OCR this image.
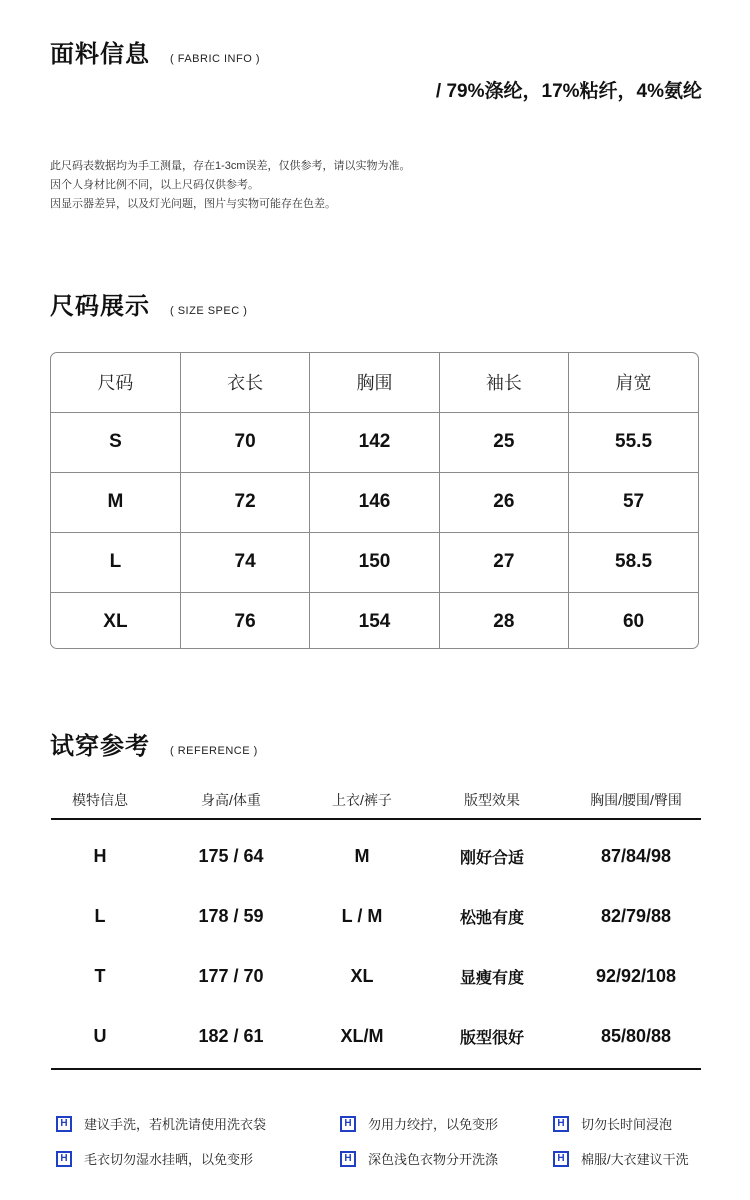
面料信息 ( FABRIC INFO )
/ 79%涤纶，17%粘纤，4%氨纶
此尺码表数据均为手工测量，存在1-3cm误差，仅供参考，请以实物为准。
因个人身材比例不同，以上尺码仅供参考。
因显示器差异，以及灯光问题，图片与实物可能存在色差。
尺码展示 ( SIZE SPEC )
尺码	衣长	胸围	袖长	肩宽
S	70	142	25	55.5
M	72	146	26	57
L	74	150	27	58.5
XL	76	154	28	60
试穿参考 ( REFERENCE )
模特信息	身高/体重	上衣/裤子	版型效果	胸围/腰围/臀围
H	175 / 64	M	刚好合适	87/84/98
L	178 / 59	L / M	松弛有度	82/79/88
T	177 / 70	XL	显瘦有度	92/92/108
U	182 / 61	XL/M	版型很好	85/80/88
H	建议手洗，若机洗请使用洗衣袋	H	勿用力绞拧，以免变形	H	切勿长时间浸泡
H	毛衣切勿湿水挂晒，以免变形	H	深色浅色衣物分开洗涤	H	棉服/大衣建议干洗
